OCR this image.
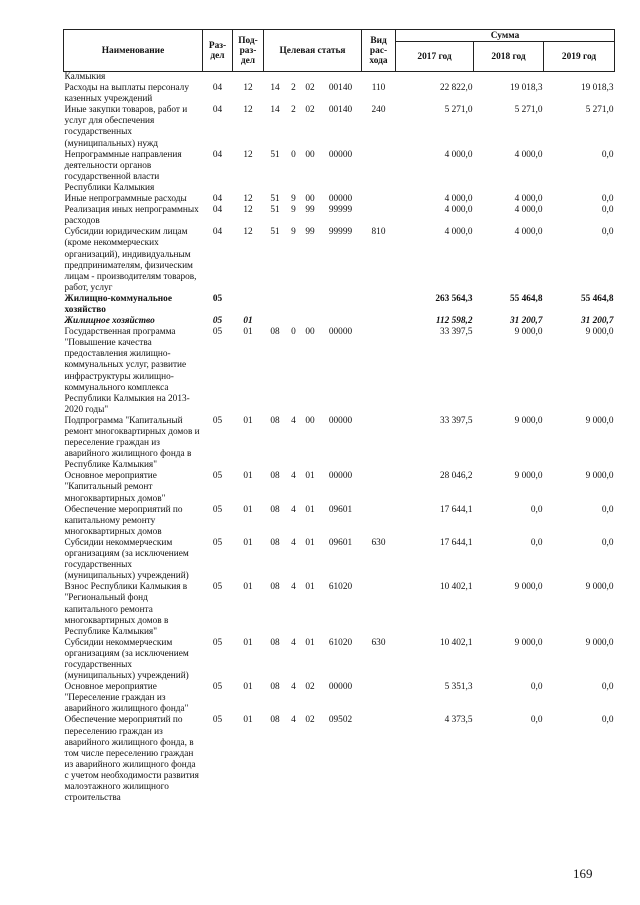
Наименование	Раз-дел	Под-раз-дел	Целевая статья				Вид рас-хода	Сумма		
								2017 год	2018 год	2019 год
Калмыкия										
Расходы на выплаты персоналу казенных учреждений	04	12	14	2	02	00140	110	22 822,0	19 018,3	19 018,3
Иные закупки товаров, работ и услуг для обеспечения государственных (муниципальных) нужд	04	12	14	2	02	00140	240	5 271,0	5 271,0	5 271,0
Непрограммные направления деятельности органов государственной власти Республики Калмыкия	04	12	51	0	00	00000		4 000,0	4 000,0	0,0
Иные непрограммные расходы	04	12	51	9	00	00000		4 000,0	4 000,0	0,0
Реализация иных непрограммных расходов	04	12	51	9	99	99999		4 000,0	4 000,0	0,0
Субсидии юридическим лицам (кроме некоммерческих организаций), индивидуальным предпринимателям, физическим лицам - производителям товаров, работ, услуг	04	12	51	9	99	99999	810	4 000,0	4 000,0	0,0
Жилищно-коммунальное хозяйство	05							263 564,3	55 464,8	55 464,8
Жилищное хозяйство	05	01						112 598,2	31 200,7	31 200,7
Государственная программа "Повышение качества предоставления жилищно-коммунальных услуг, развитие инфраструктуры жилищно-коммунального комплекса Республики Калмыкия на 2013-2020 годы"	05	01	08	0	00	00000		33 397,5	9 000,0	9 000,0
Подпрограмма "Капитальный ремонт многоквартирных домов и переселение граждан из аварийного жилищного фонда в Республике Калмыкия"	05	01	08	4	00	00000		33 397,5	9 000,0	9 000,0
Основное мероприятие "Капитальный ремонт многоквартирных домов"	05	01	08	4	01	00000		28 046,2	9 000,0	9 000,0
Обеспечение мероприятий по капитальному ремонту многоквартирных домов	05	01	08	4	01	09601		17 644,1	0,0	0,0
Субсидии некоммерческим организациям (за исключением государственных (муниципальных) учреждений)	05	01	08	4	01	09601	630	17 644,1	0,0	0,0
Взнос Республики Калмыкия в "Региональный фонд капитального ремонта многоквартирных домов в Республике Калмыкия"	05	01	08	4	01	61020		10 402,1	9 000,0	9 000,0
Субсидии некоммерческим организациям (за исключением государственных (муниципальных) учреждений)	05	01	08	4	01	61020	630	10 402,1	9 000,0	9 000,0
Основное мероприятие "Переселение граждан из аварийного жилищного фонда"	05	01	08	4	02	00000		5 351,3	0,0	0,0
Обеспечение мероприятий по переселению граждан из аварийного жилищного фонда, в том числе переселению граждан из аварийного жилищного фонда с учетом необходимости развития малоэтажного жилищного строительства	05	01	08	4	02	09502		4 373,5	0,0	0,0
169
